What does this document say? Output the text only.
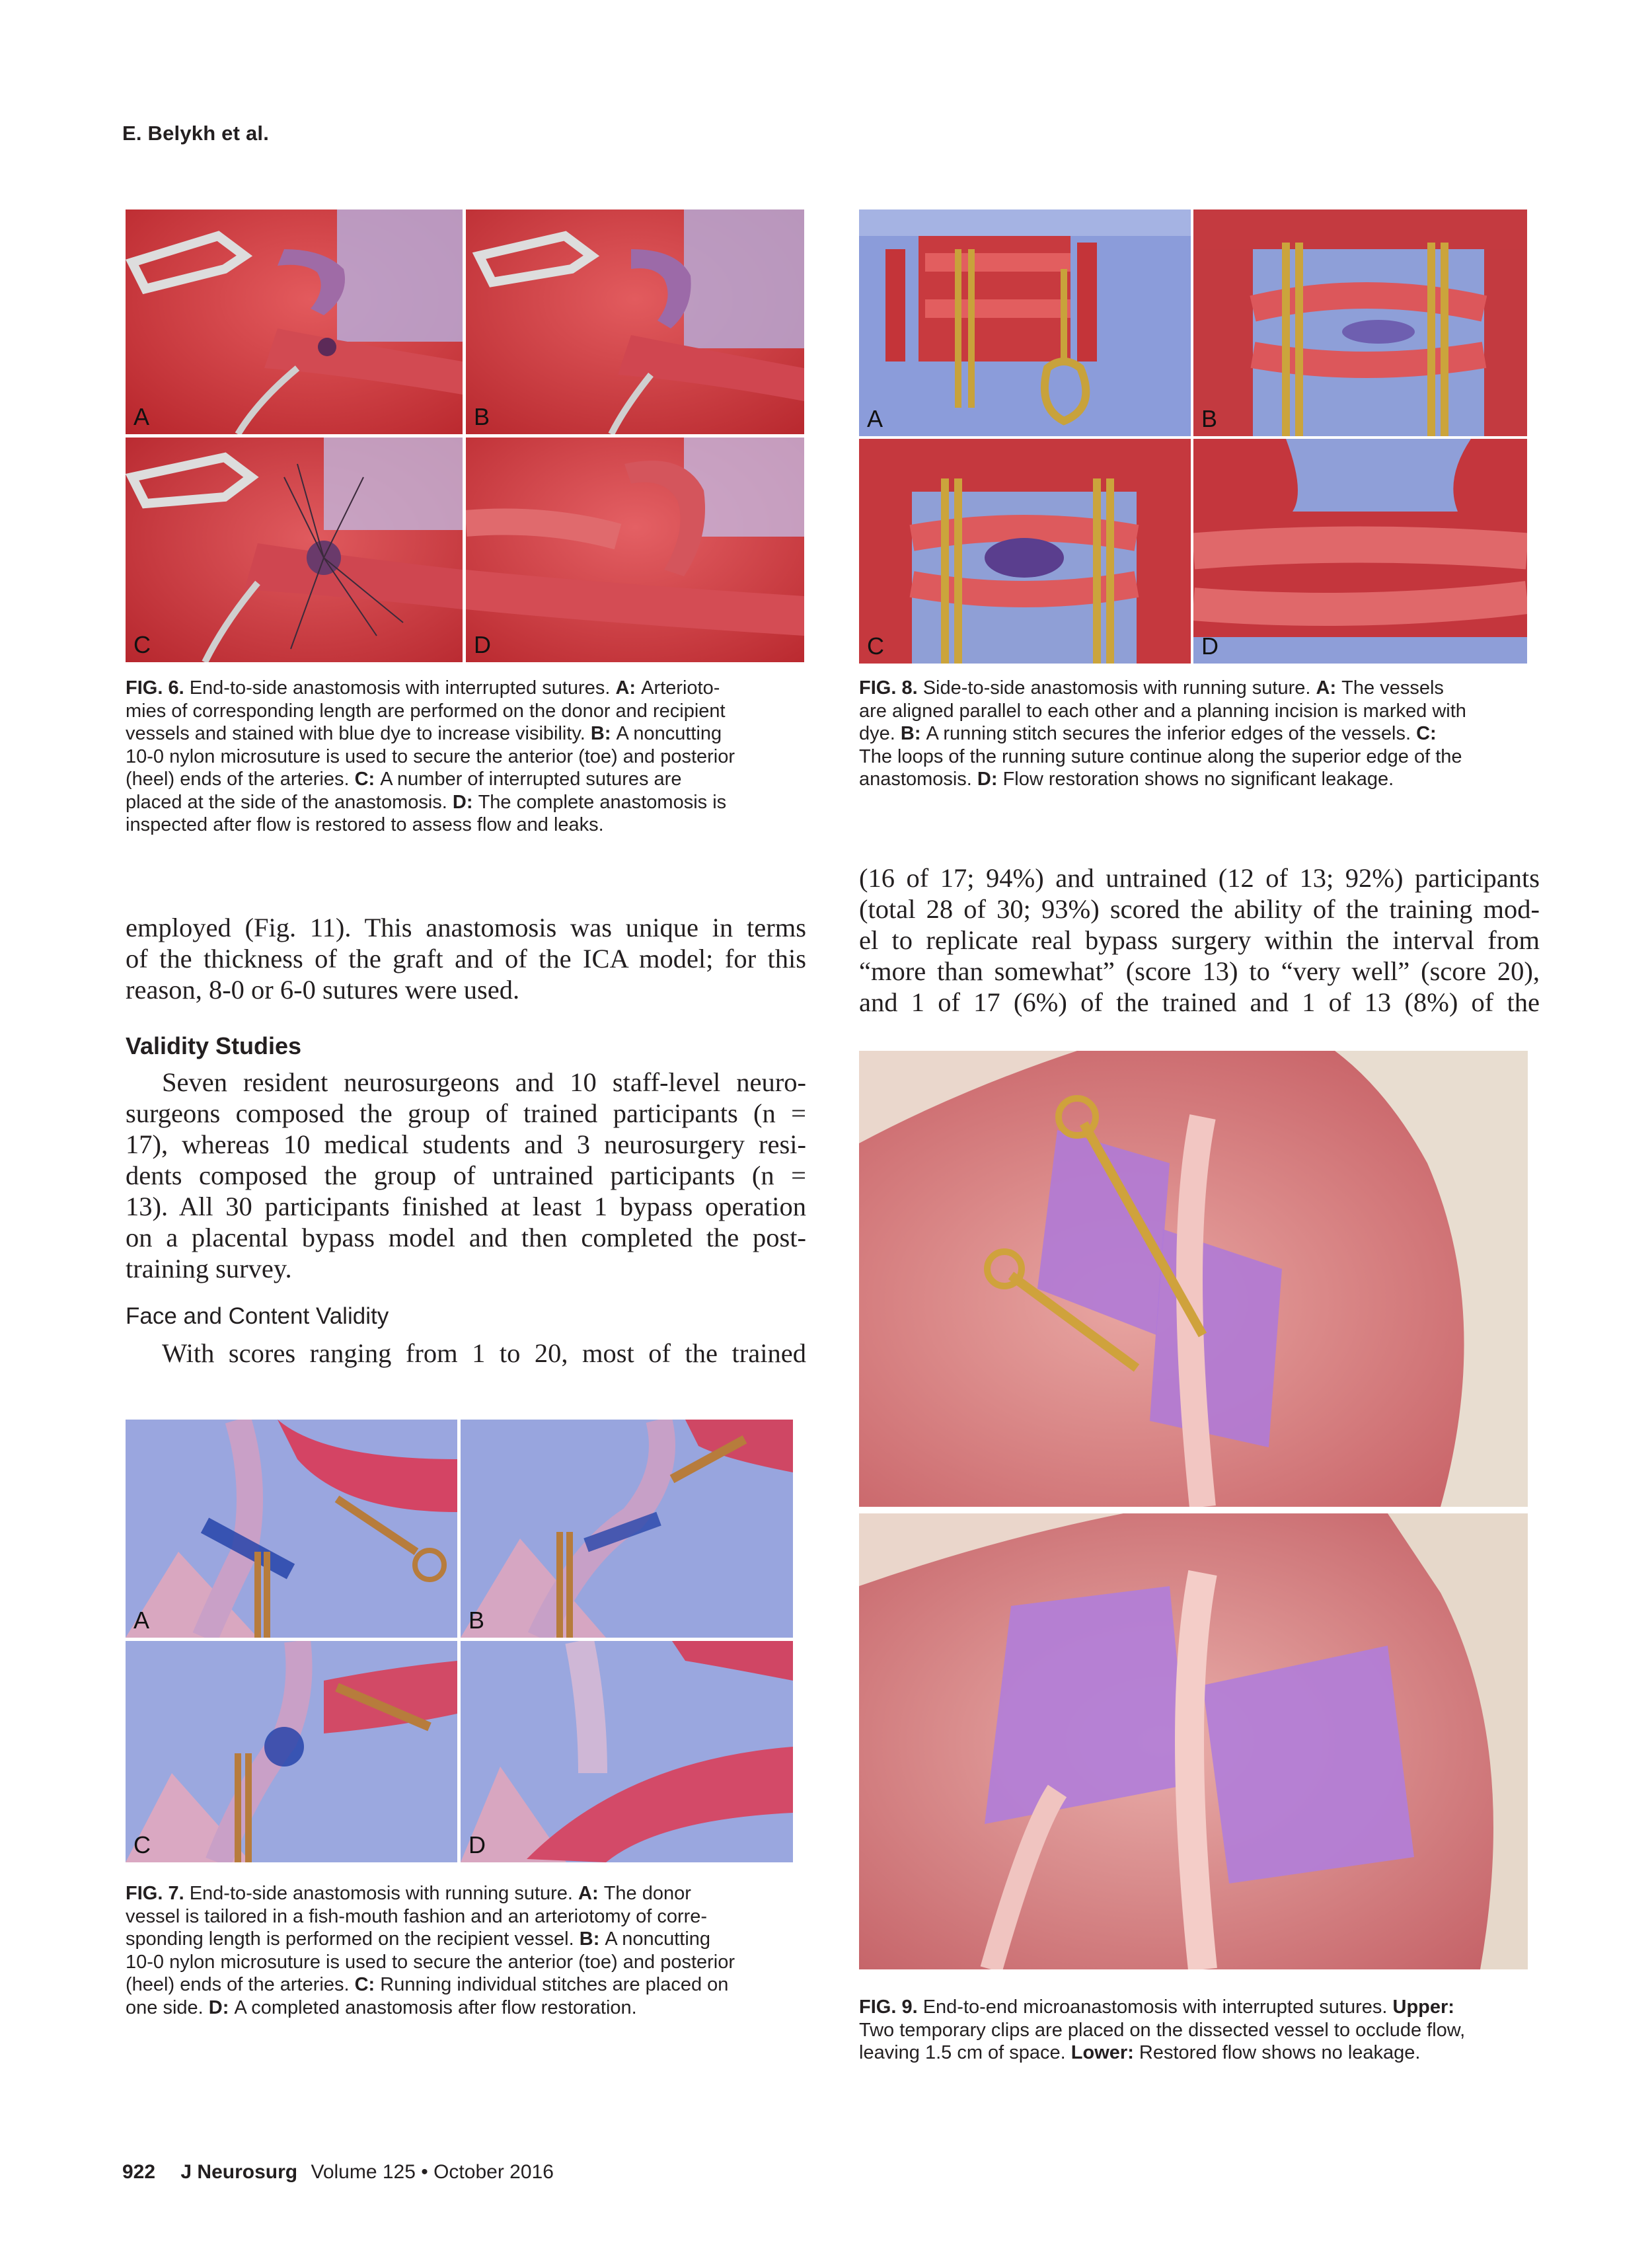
E. Belykh et al.
A	B
C	D
FIG. 6. End-to-side anastomosis with interrupted sutures. A: Arterioto-
mies of corresponding length are performed on the donor and recipient
vessels and stained with blue dye to increase visibility. B: A noncutting
10-0 nylon microsuture is used to secure the anterior (toe) and posterior
(heel) ends of the arteries. C: A number of interrupted sutures are
placed at the side of the anastomosis. D: The complete anastomosis is
inspected after flow is restored to assess flow and leaks.
A	B
C	D
FIG. 8. Side-to-side anastomosis with running suture. A: The vessels
are aligned parallel to each other and a planning incision is marked with
dye. B: A running stitch secures the inferior edges of the vessels. C:
The loops of the running suture continue along the superior edge of the
anastomosis. D: Flow restoration shows no significant leakage.
employed (Fig. 11). This anastomosis was unique in terms
of the thickness of the graft and of the ICA model; for this
reason, 8-0 or 6-0 sutures were used.
Validity Studies
Seven resident neurosurgeons and 10 staff-level neuro-
surgeons composed the group of trained participants (n =
17), whereas 10 medical students and 3 neurosurgery resi-
dents composed the group of untrained participants (n =
13). All 30 participants finished at least 1 bypass operation
on a placental bypass model and then completed the post-
training survey.
Face and Content Validity
With scores ranging from 1 to 20, most of the trained
(16 of 17; 94%) and untrained (12 of 13; 92%) participants
(total 28 of 30; 93%) scored the ability of the training mod-
el to replicate real bypass surgery within the interval from
“more than somewhat” (score 13) to “very well” (score 20),
and 1 of 17 (6%) of the trained and 1 of 13 (8%) of the
A	B
C	D
FIG. 7. End-to-side anastomosis with running suture. A: The donor
vessel is tailored in a fish-mouth fashion and an arteriotomy of corre-
sponding length is performed on the recipient vessel. B: A noncutting
10-0 nylon microsuture is used to secure the anterior (toe) and posterior
(heel) ends of the arteries. C: Running individual stitches are placed on
one side. D: A completed anastomosis after flow restoration.	FIG. 9. End-to-end microanastomosis with interrupted sutures. Upper:
Two temporary clips are placed on the dissected vessel to occlude flow,
leaving 1.5 cm of space. Lower: Restored flow shows no leakage.
922 J Neurosurg Volume 125 • October 2016
